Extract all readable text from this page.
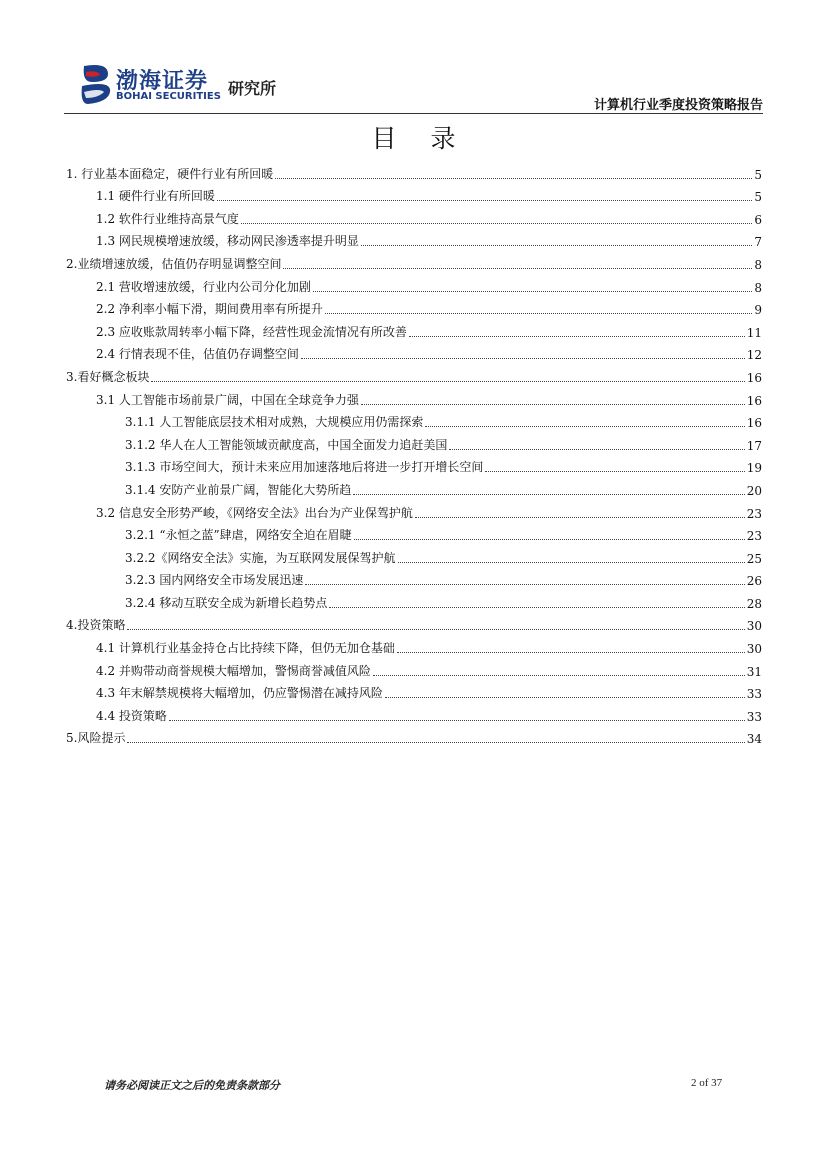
渤海证券
BOHAI SECURITIES 研究所
计算机行业季度投资策略报告
目录
1. 行业基本面稳定，硬件行业有所回暖	5
1.1 硬件行业有所回暖	5
1.2 软件行业维持高景气度	6
1.3 网民规模增速放缓，移动网民渗透率提升明显	7
2.业绩增速放缓，估值仍存明显调整空间	8
2.1 营收增速放缓，行业内公司分化加剧	8
2.2 净利率小幅下滑，期间费用率有所提升	9
2.3 应收账款周转率小幅下降，经营性现金流情况有所改善	11
2.4 行情表现不佳，估值仍存调整空间	12
3.看好概念板块	16
3.1 人工智能市场前景广阔，中国在全球竞争力强	16
3.1.1 人工智能底层技术相对成熟，大规模应用仍需探索	16
3.1.2 华人在人工智能领域贡献度高，中国全面发力追赶美国	17
3.1.3 市场空间大，预计未来应用加速落地后将进一步打开增长空间	19
3.1.4 安防产业前景广阔，智能化大势所趋	20
3.2 信息安全形势严峻，《网络安全法》出台为产业保驾护航	23
3.2.1 “永恒之蓝”肆虐，网络安全迫在眉睫	23
3.2.2《网络安全法》实施，为互联网发展保驾护航	25
3.2.3 国内网络安全市场发展迅速	26
3.2.4 移动互联安全成为新增长趋势点	28
4.投资策略	30
4.1 计算机行业基金持仓占比持续下降，但仍无加仓基础	30
4.2 并购带动商誉规模大幅增加，警惕商誉减值风险	31
4.3 年末解禁规模将大幅增加，仍应警惕潜在减持风险	33
4.4 投资策略	33
5.风险提示	34
请务必阅读正文之后的免责条款部分	2 of 37
